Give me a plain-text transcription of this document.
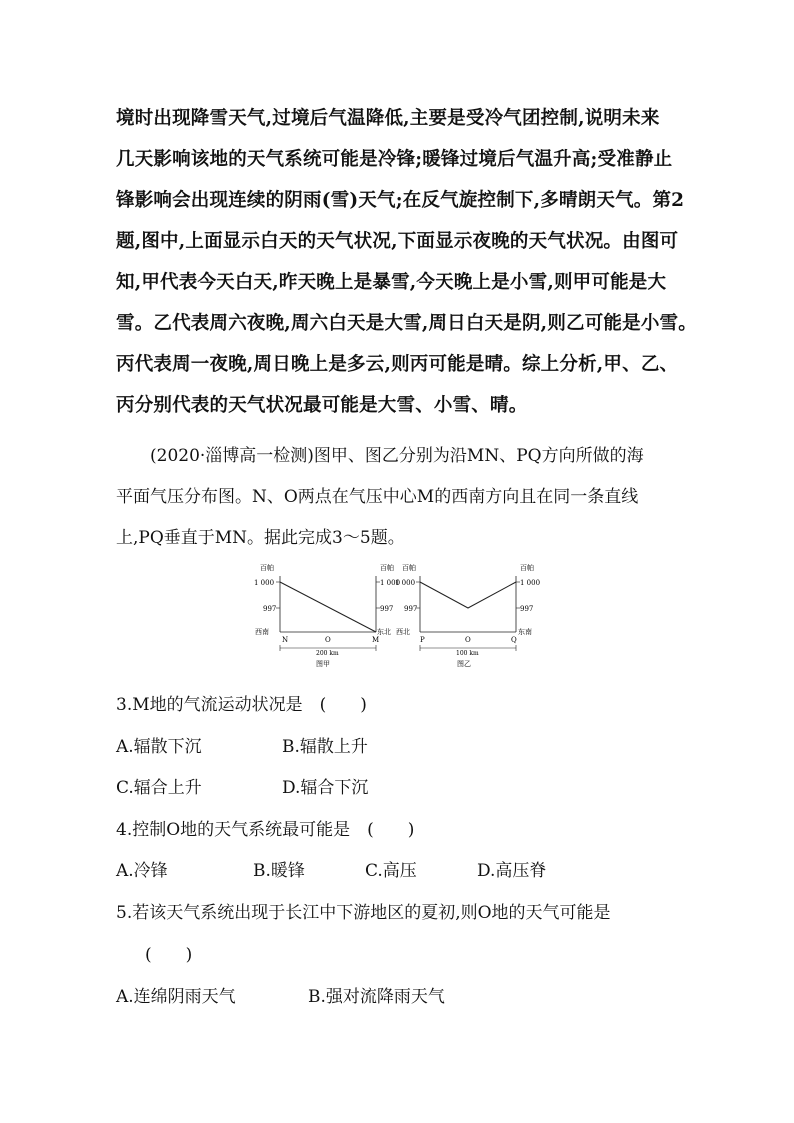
境时出现降雪天气,过境后气温降低,主要是受冷气团控制,说明未来
几天影响该地的天气系统可能是冷锋;暖锋过境后气温升高;受准静止
锋影响会出现连续的阴雨(雪)天气;在反气旋控制下,多晴朗天气。第2
题,图中,上面显示白天的天气状况,下面显示夜晚的天气状况。由图可
知,甲代表今天白天,昨天晚上是暴雪,今天晚上是小雪,则甲可能是大
雪。乙代表周六夜晚,周六白天是大雪,周日白天是阴,则乙可能是小雪。
丙代表周一夜晚,周日晚上是多云,则丙可能是晴。综上分析,甲、乙、
丙分别代表的天气状况最可能是大雪、小雪、晴。
(2020·淄博高一检测)图甲、图乙分别为沿MN、PQ方向所做的海
平面气压分布图。N、O两点在气压中心M的西南方向且在同一条直线
上,PQ垂直于MN。据此完成3～5题。
百帕	百帕
1 000
997
1 000
997
西南	东北
N	O	M
200 km
图甲
百帕	百帕
1 000
997
1 000
997
西北	东南
P	O	Q
100 km
图乙
3.M地的气流运动状况是　(　　)
A.辐散下沉	B.辐散上升
C.辐合上升	D.辐合下沉
4.控制O地的天气系统最可能是　(　　)
A.冷锋	B.暖锋	C.高压	D.高压脊
5.若该天气系统出现于长江中下游地区的夏初,则O地的天气可能是
(　　)
A.连绵阴雨天气	B.强对流降雨天气
